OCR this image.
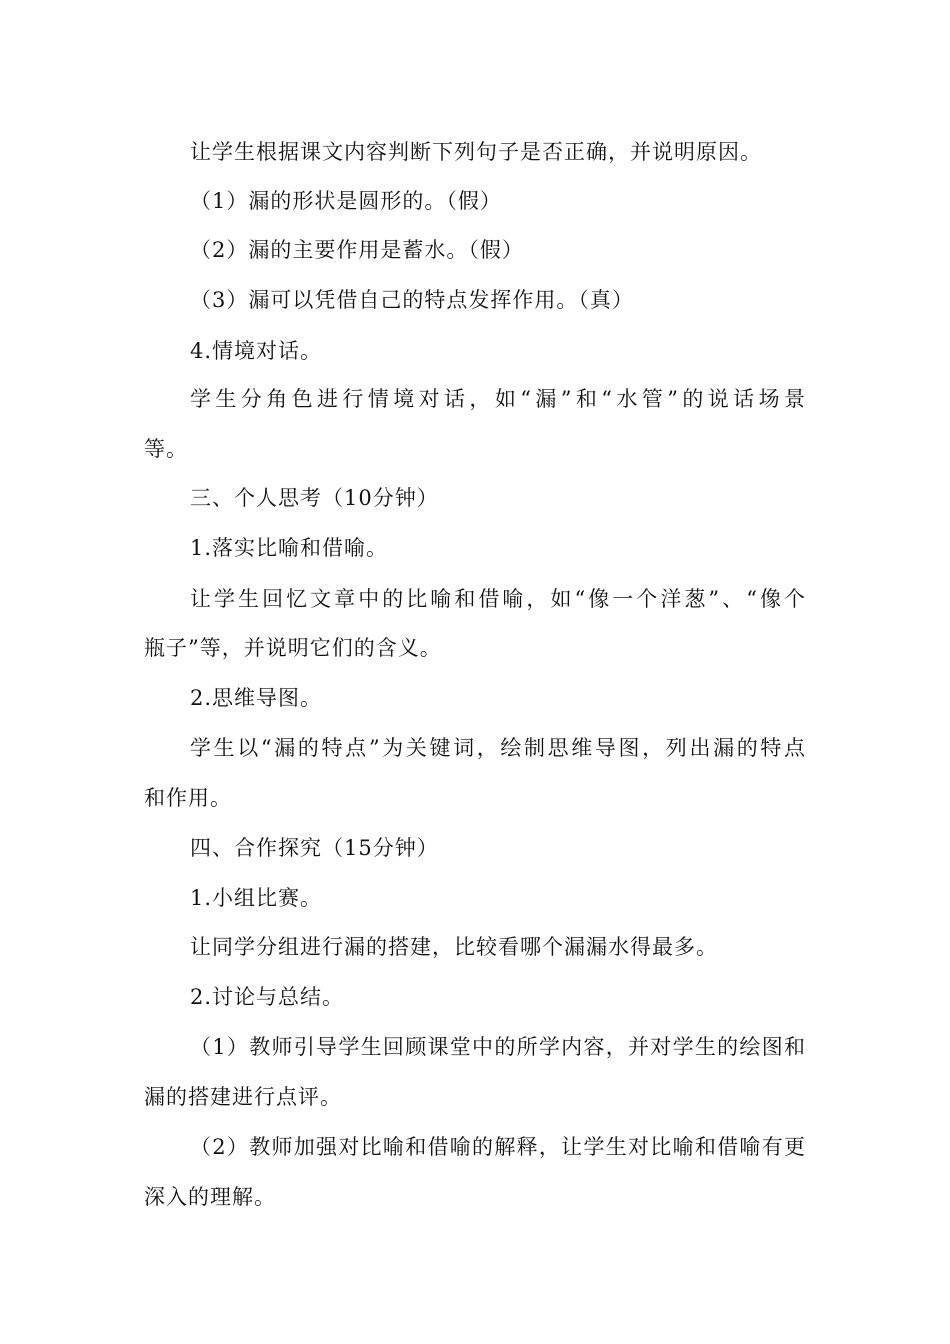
让学生根据课文内容判断下列句子是否正确，并说明原因。
（1）漏的形状是圆形的。（假）
（2）漏的主要作用是蓄水。（假）
（3）漏可以凭借自己的特点发挥作用。（真）
4.情境对话。
学生分角色进行情境对话，如“漏”和“水管”的说话场景
等。
三、个人思考（10分钟）
1.落实比喻和借喻。
让学生回忆文章中的比喻和借喻，如“像一个洋葱”、“像个
瓶子”等，并说明它们的含义。
2.思维导图。
学生以“漏的特点”为关键词，绘制思维导图，列出漏的特点
和作用。
四、合作探究（15分钟）
1.小组比赛。
让同学分组进行漏的搭建，比较看哪个漏漏水得最多。
2.讨论与总结。
（1）教师引导学生回顾课堂中的所学内容，并对学生的绘图和
漏的搭建进行点评。
（2）教师加强对比喻和借喻的解释，让学生对比喻和借喻有更
深入的理解。
